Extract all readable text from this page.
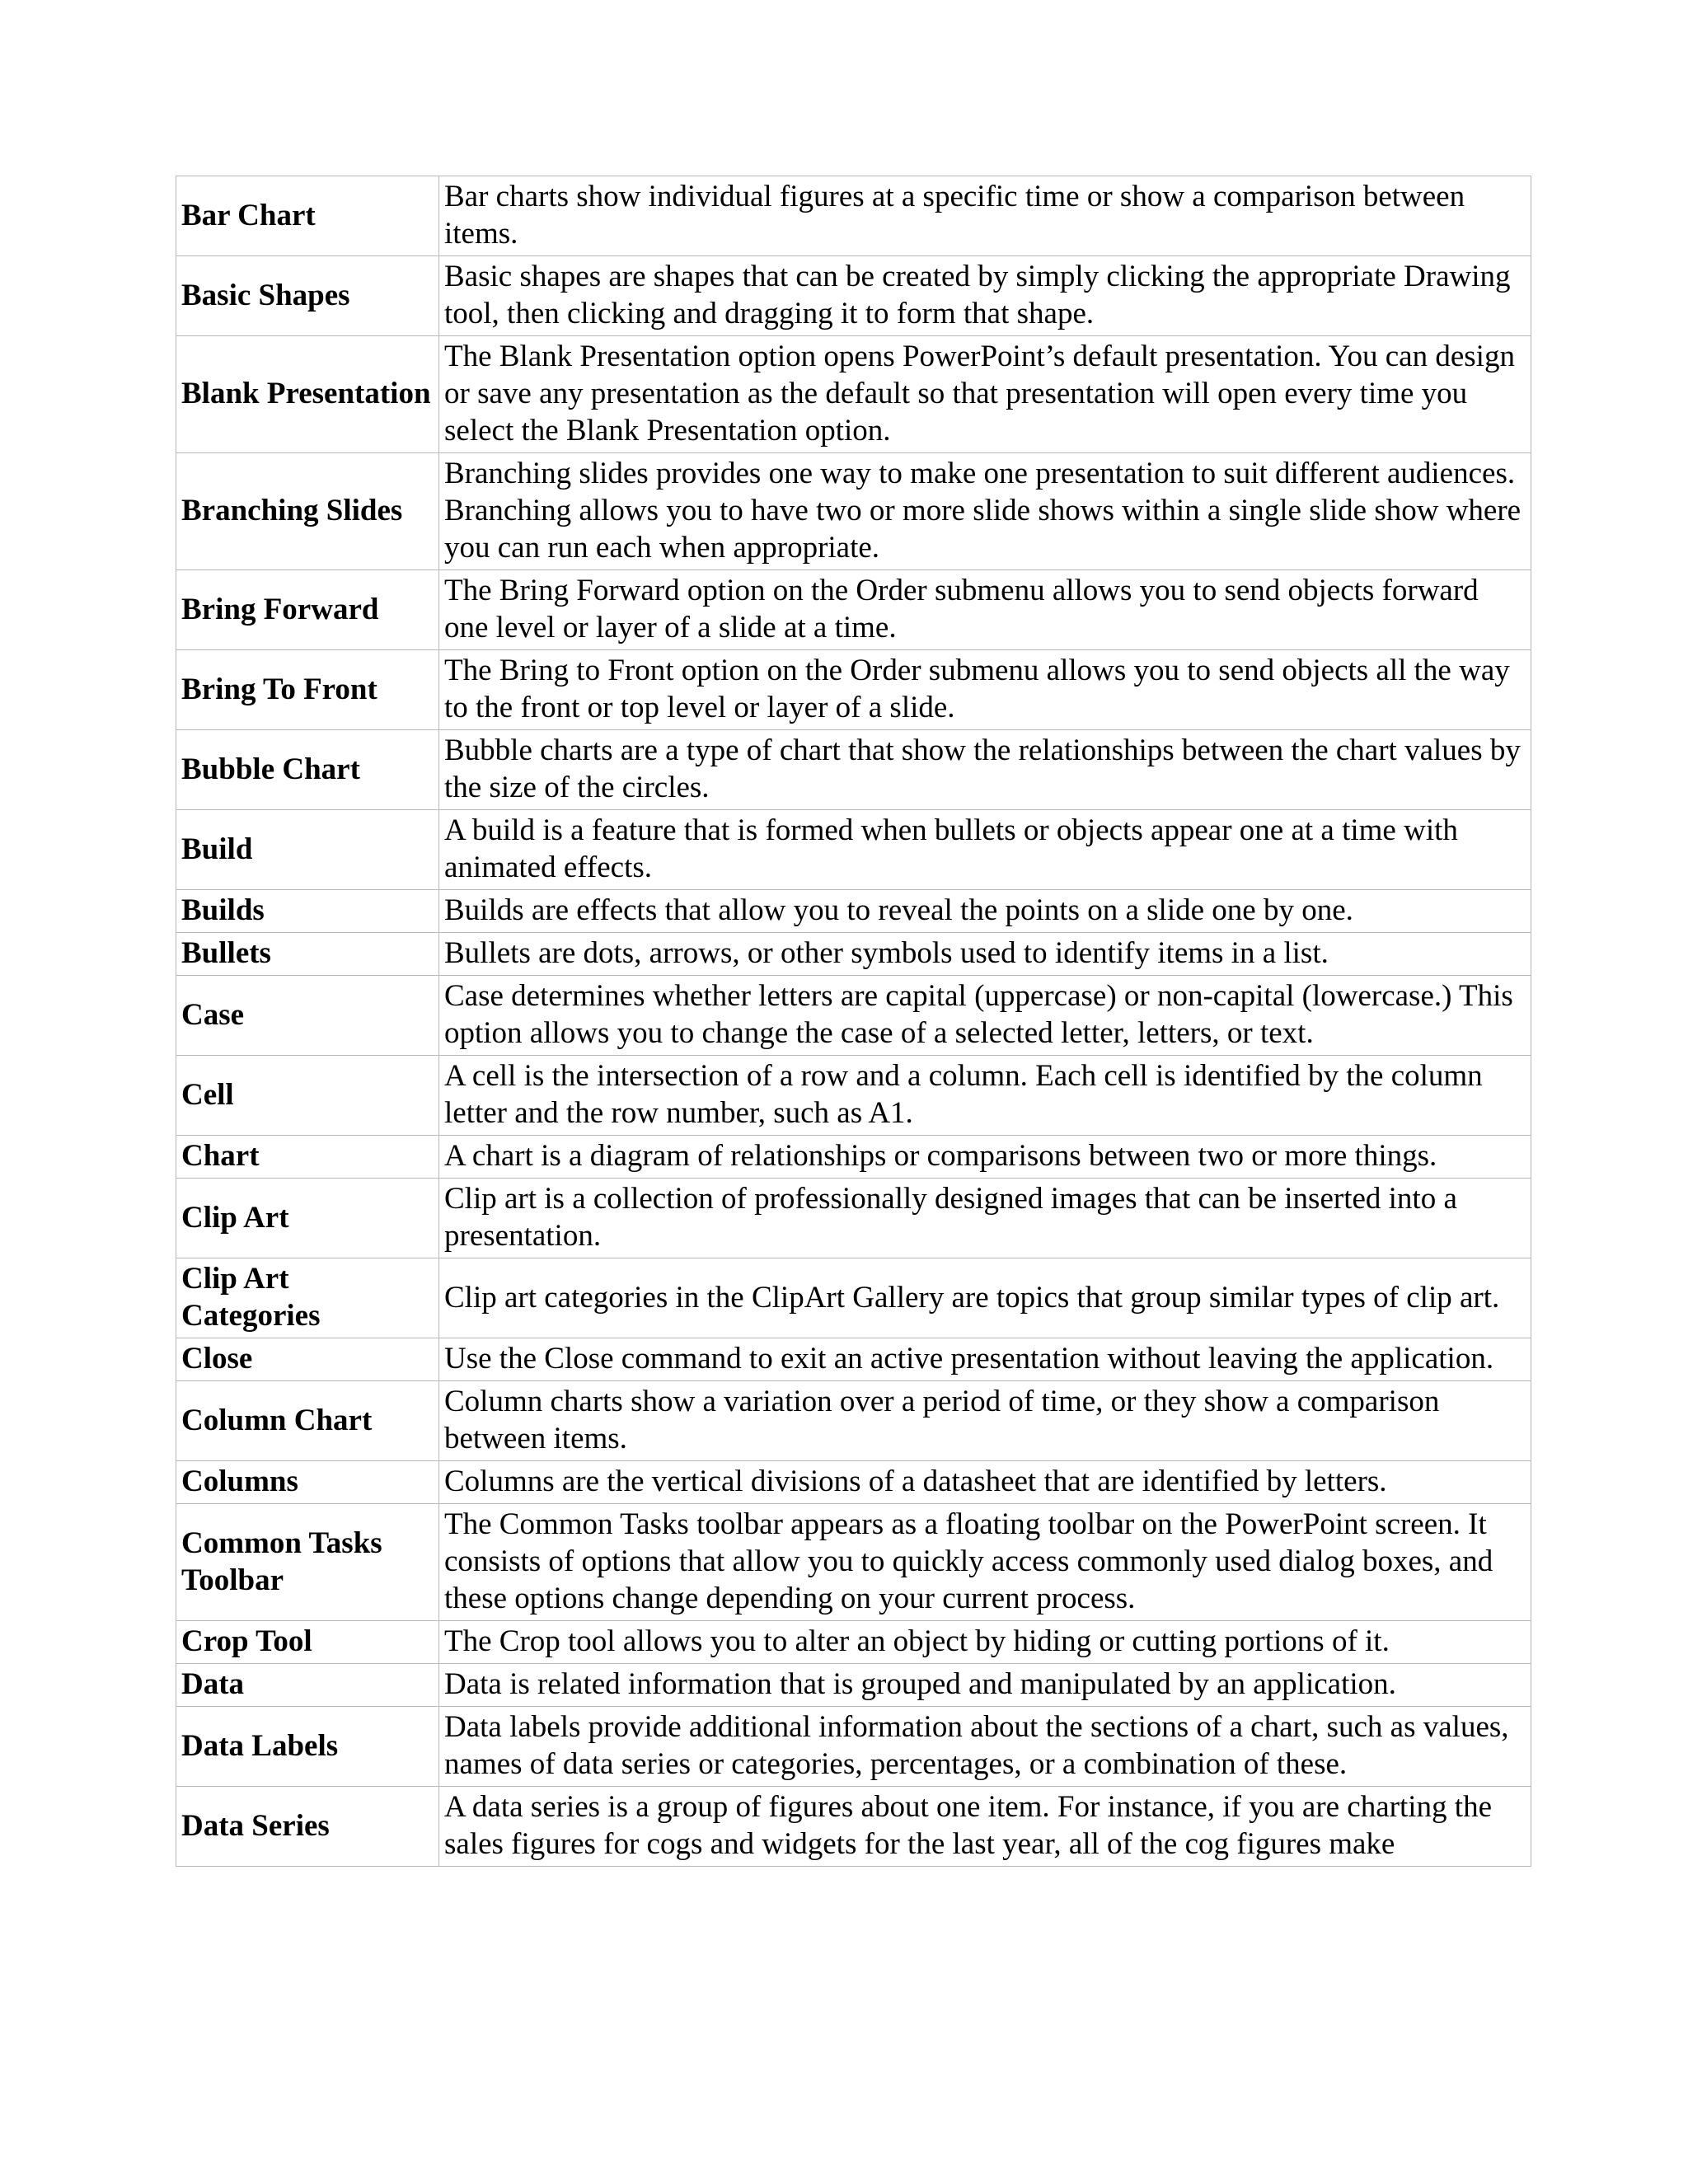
Bar Chart	Bar charts show individual figures at a specific time or show a comparison between items.
Basic Shapes	Basic shapes are shapes that can be created by simply clicking the appropriate Drawing tool, then clicking and dragging it to form that shape.
Blank Presentation	The Blank Presentation option opens PowerPoint’s default presentation. You can design or save any presentation as the default so that presentation will open every time you select the Blank Presentation option.
Branching Slides	Branching slides provides one way to make one presentation to suit different audiences. Branching allows you to have two or more slide shows within a single slide show where you can run each when appropriate.
Bring Forward	The Bring Forward option on the Order submenu allows you to send objects forward one level or layer of a slide at a time.
Bring To Front	The Bring to Front option on the Order submenu allows you to send objects all the way to the front or top level or layer of a slide.
Bubble Chart	Bubble charts are a type of chart that show the relationships between the chart values by the size of the circles.
Build	A build is a feature that is formed when bullets or objects appear one at a time with animated effects.
Builds	Builds are effects that allow you to reveal the points on a slide one by one.
Bullets	Bullets are dots, arrows, or other symbols used to identify items in a list.
Case	Case determines whether letters are capital (uppercase) or non-capital (lowercase.) This option allows you to change the case of a selected letter, letters, or text.
Cell	A cell is the intersection of a row and a column. Each cell is identified by the column letter and the row number, such as A1.
Chart	A chart is a diagram of relationships or comparisons between two or more things.
Clip Art	Clip art is a collection of professionally designed images that can be inserted into a presentation.
Clip Art Categories	Clip art categories in the ClipArt Gallery are topics that group similar types of clip art.
Close	Use the Close command to exit an active presentation without leaving the application.
Column Chart	Column charts show a variation over a period of time, or they show a comparison between items.
Columns	Columns are the vertical divisions of a datasheet that are identified by letters.
Common Tasks Toolbar	The Common Tasks toolbar appears as a floating toolbar on the PowerPoint screen. It consists of options that allow you to quickly access commonly used dialog boxes, and these options change depending on your current process.
Crop Tool	The Crop tool allows you to alter an object by hiding or cutting portions of it.
Data	Data is related information that is grouped and manipulated by an application.
Data Labels	Data labels provide additional information about the sections of a chart, such as values, names of data series or categories, percentages, or a combination of these.
Data Series	A data series is a group of figures about one item. For instance, if you are charting the sales figures for cogs and widgets for the last year, all of the cog figures make
